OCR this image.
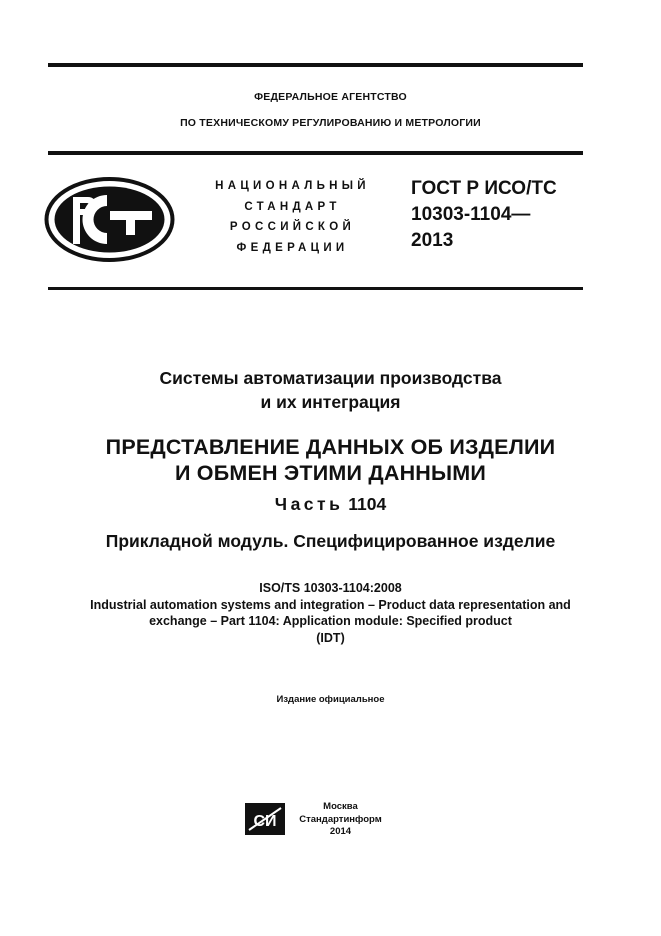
ФЕДЕРАЛЬНОЕ АГЕНТСТВО
ПО ТЕХНИЧЕСКОМУ РЕГУЛИРОВАНИЮ И МЕТРОЛОГИИ
НАЦИОНАЛЬНЫЙ
СТАНДАРТ
РОССИЙСКОЙ
ФЕДЕРАЦИИ
ГОСТ Р ИСО/ТС
10303-1104—
2013
Системы автоматизации производства
и их интеграция
ПРЕДСТАВЛЕНИЕ ДАННЫХ ОБ ИЗДЕЛИИ
И ОБМЕН ЭТИМИ ДАННЫМИ
Часть 1104
Прикладной модуль. Специфицированное изделие
ISO/TS 10303-1104:2008
Industrial automation systems and integration – Product data representation and
exchange – Part 1104: Application module: Specified product
(IDT)
Издание официальное
СИ
Москва
Стандартинформ
2014
